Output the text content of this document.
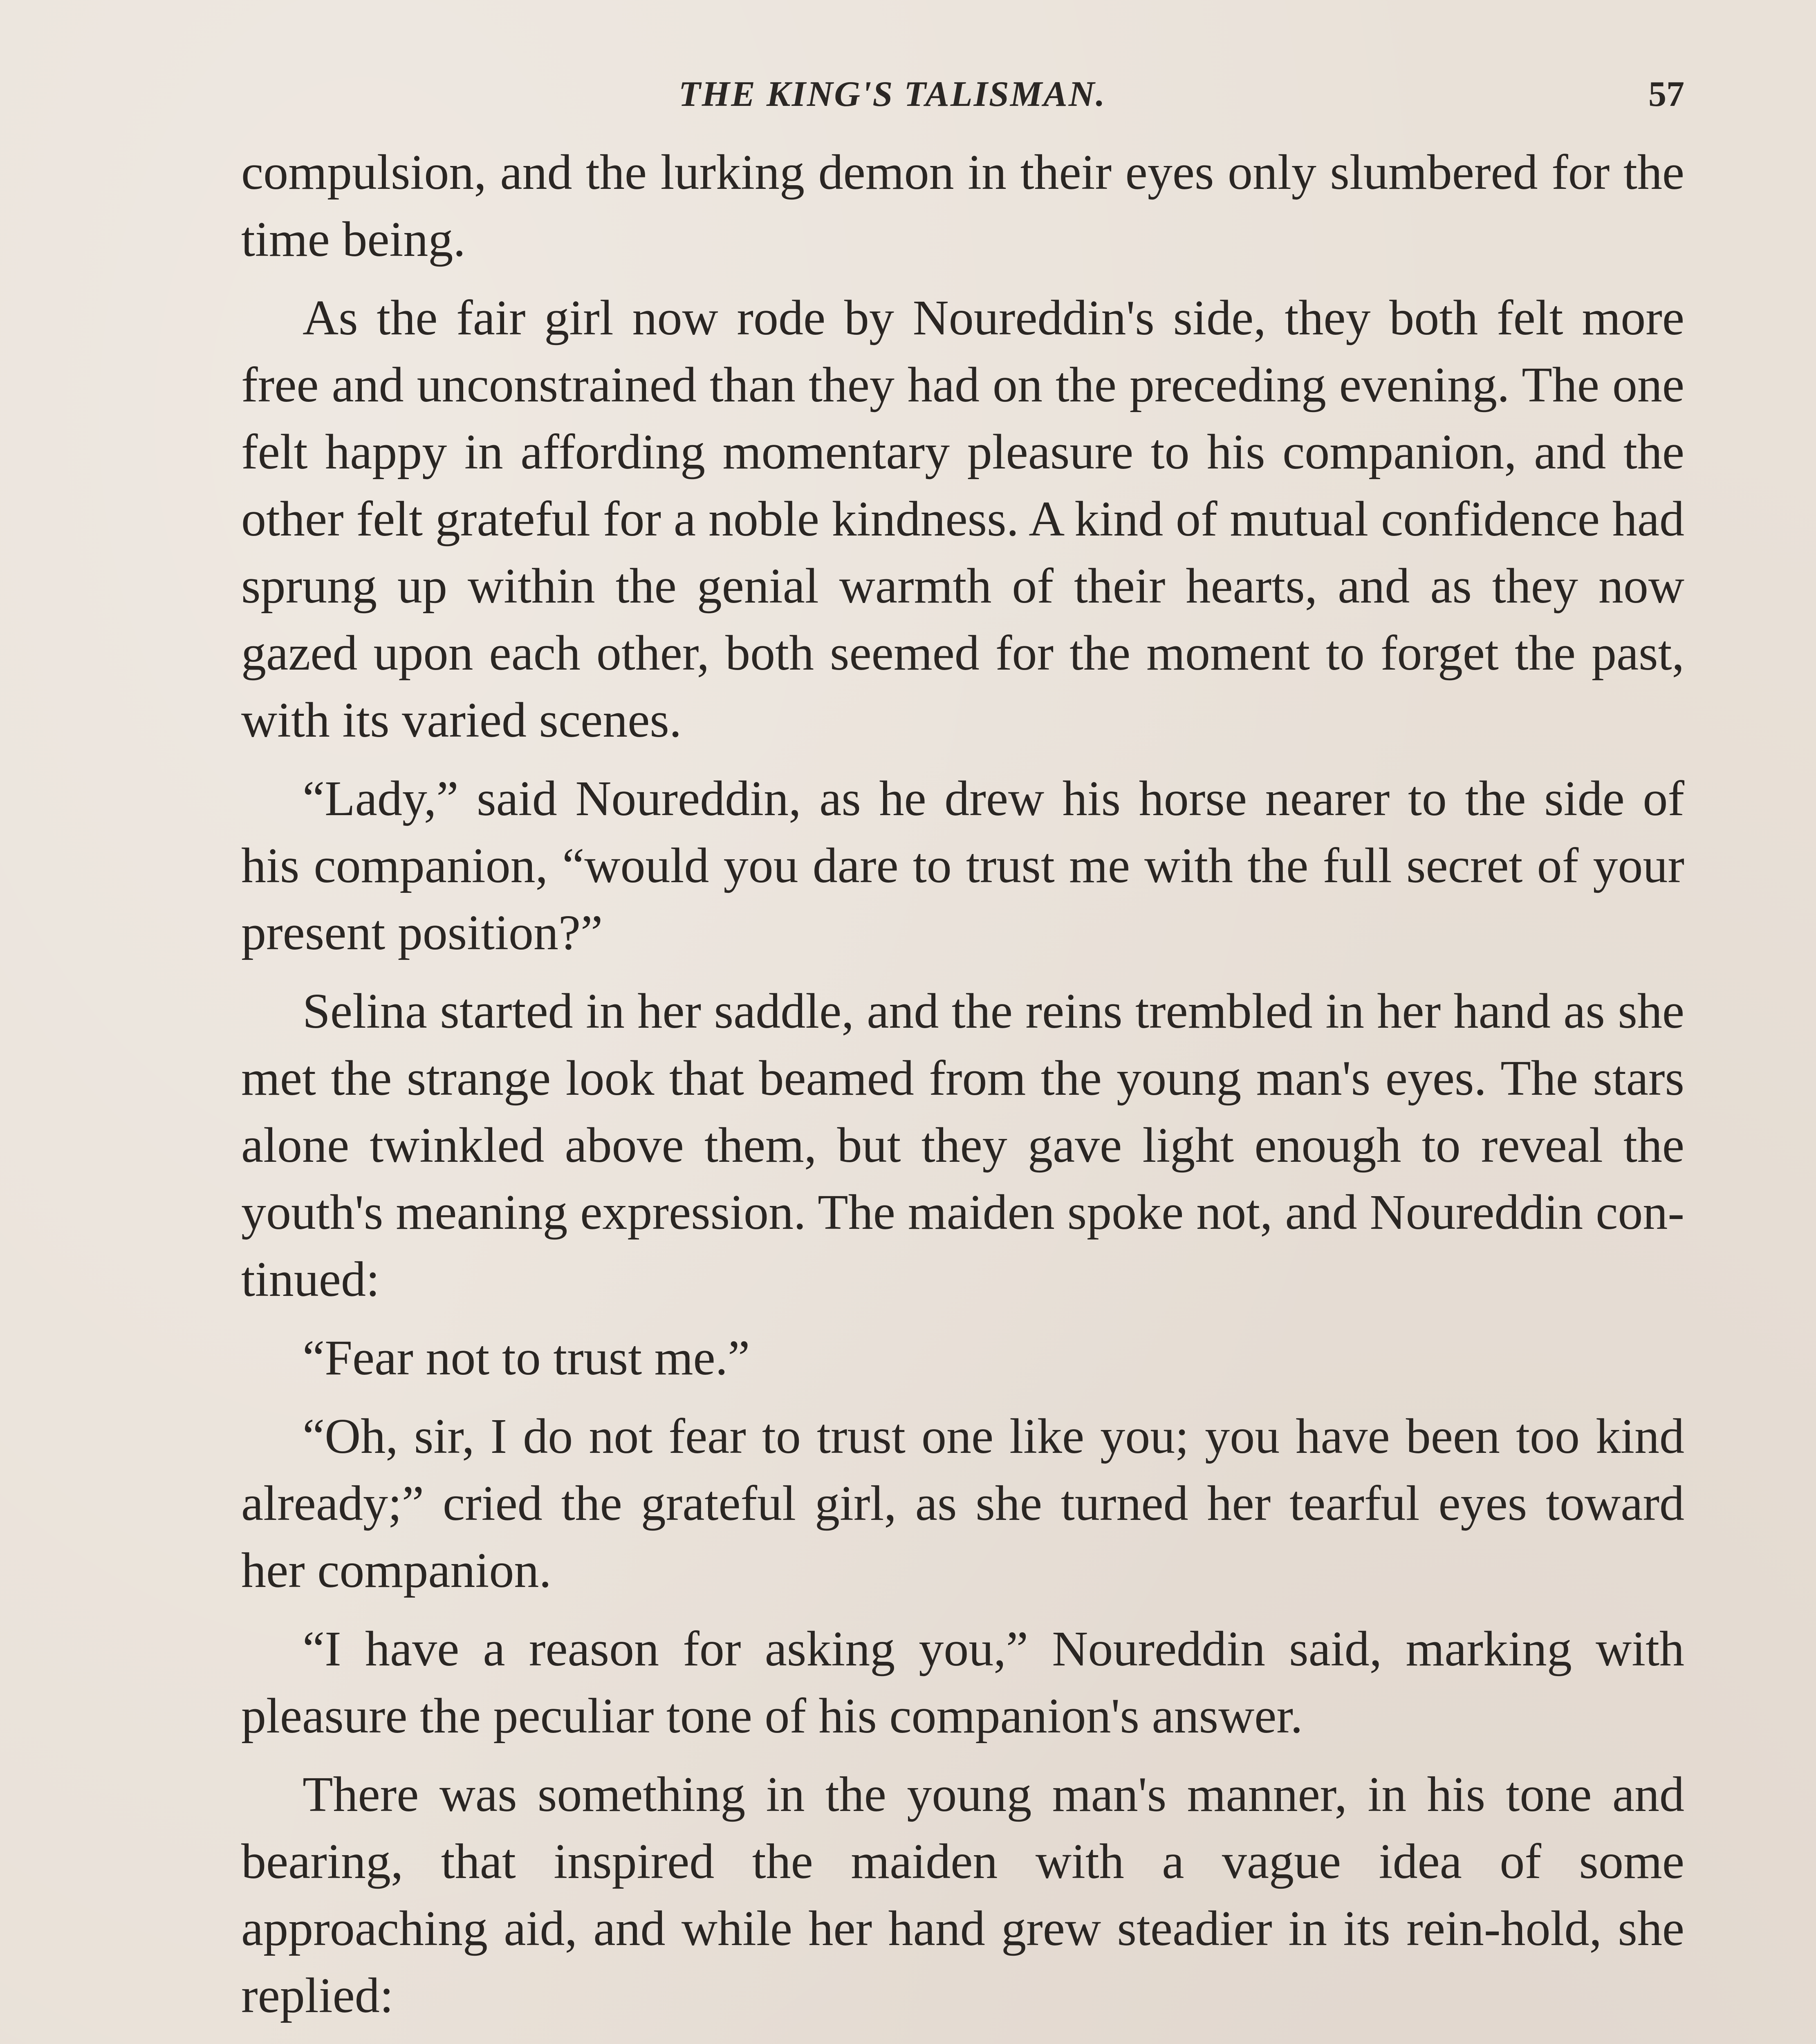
THE KING'S TALISMAN.	57

compulsion, and the lurking demon in their eyes only slumbered for the time being.

As the fair girl now rode by Noureddin's side, they both felt more free and unconstrained than they had on the preceding evening. The one felt happy in affording momentary pleasure to his companion, and the other felt grateful for a noble kindness. A kind of mutual confidence had sprung up within the genial warmth of their hearts, and as they now gazed upon each other, both seemed for the moment to forget the past, with its varied scenes.

“Lady,” said Noureddin, as he drew his horse nearer to the side of his companion, “would you dare to trust me with the full secret of your present position?”

Selina started in her saddle, and the reins trembled in her hand as she met the strange look that beamed from the young man's eyes. The stars alone twinkled above them, but they gave light enough to reveal the youth's meaning expression. The maiden spoke not, and Noureddin continued:

“Fear not to trust me.”

“Oh, sir, I do not fear to trust one like you; you have been too kind already;” cried the grateful girl, as she turned her tearful eyes toward her companion.

“I have a reason for asking you,” Noureddin said, marking with pleasure the peculiar tone of his companion's answer.

There was something in the young man's manner, in his tone and bearing, that inspired the maiden with a vague idea of some approaching aid, and while her hand grew steadier in its rein-hold, she replied:
